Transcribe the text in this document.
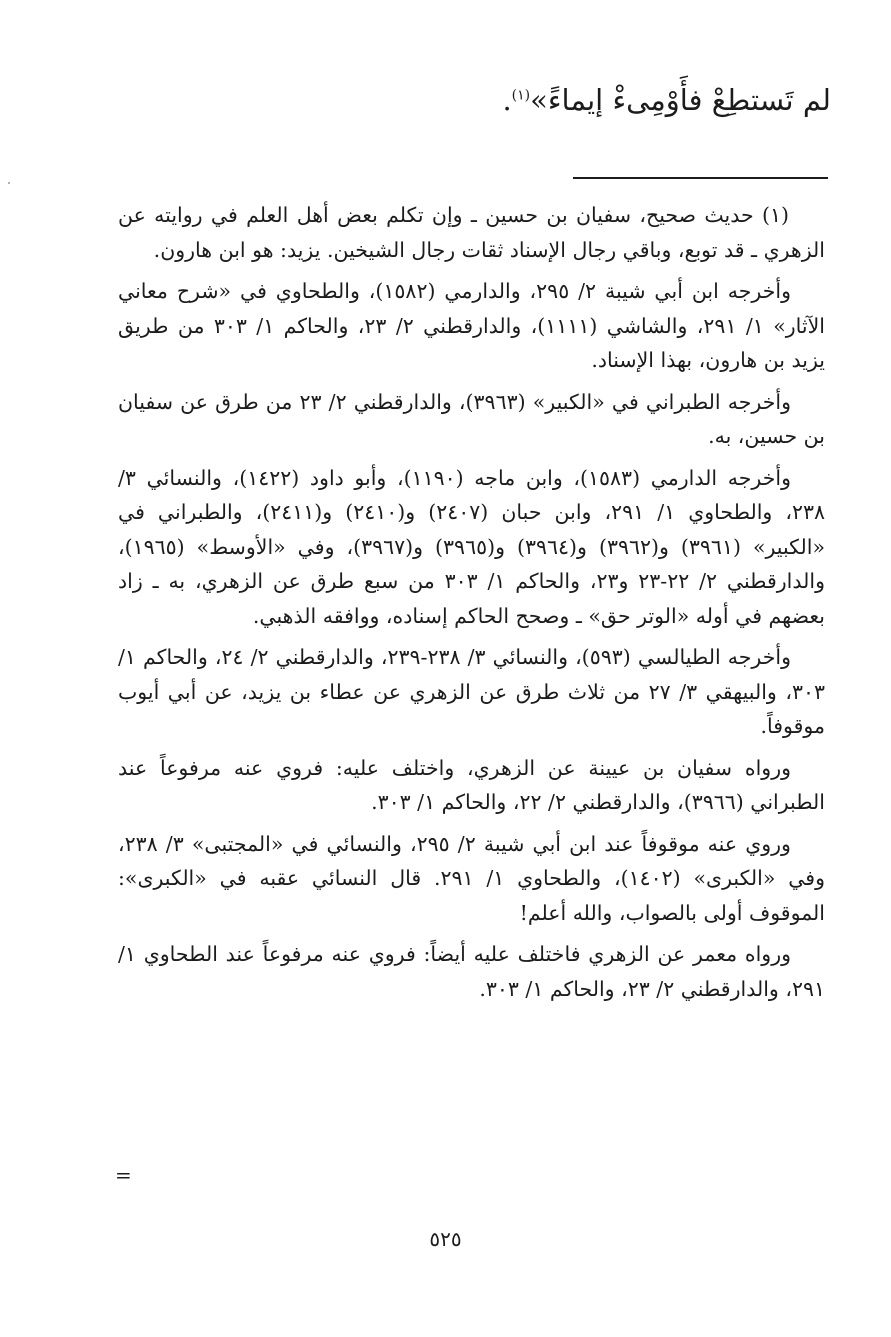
لم تَستطِعْ فأَوْمِىءْ إيماءً»$^{(١)}$.

(١) حديث صحيح، سفيان بن حسين ـ وإن تكلم بعض أهل العلم في روايته عن الزهري ـ قد توبع، وباقي رجال الإسناد ثقات رجال الشيخين. يزيد: هو ابن هارون.

وأخرجه ابن أبي شيبة ٢/ ٢٩٥، والدارمي (١٥٨٢)، والطحاوي في «شرح معاني الآثار» ١/ ٢٩١، والشاشي (١١١١)، والدارقطني ٢/ ٢٣، والحاكم ١/ ٣٠٣ من طريق يزيد بن هارون، بهذا الإسناد.

وأخرجه الطبراني في «الكبير» (٣٩٦٣)، والدارقطني ٢/ ٢٣ من طرق عن سفيان بن حسين، به.

وأخرجه الدارمي (١٥٨٣)، وابن ماجه (١١٩٠)، وأبو داود (١٤٢٢)، والنسائي ٣/ ٢٣٨، والطحاوي ١/ ٢٩١، وابن حبان (٢٤٠٧) و(٢٤١٠) و(٢٤١١)، والطبراني في «الكبير» (٣٩٦١) و(٣٩٦٢) و(٣٩٦٤) و(٣٩٦٥) و(٣٩٦٧)، وفي «الأوسط» (١٩٦٥)، والدارقطني ٢/ ٢٢-٢٣ و٢٣، والحاكم ١/ ٣٠٣ من سبع طرق عن الزهري، به ـ زاد بعضهم في أوله «الوتر حق» ـ وصحح الحاكم إسناده، ووافقه الذهبي.

وأخرجه الطيالسي (٥٩٣)، والنسائي ٣/ ٢٣٨-٢٣٩، والدارقطني ٢/ ٢٤، والحاكم ١/ ٣٠٣، والبيهقي ٣/ ٢٧ من ثلاث طرق عن الزهري عن عطاء بن يزيد، عن أبي أيوب موقوفاً.

ورواه سفيان بن عيينة عن الزهري، واختلف عليه: فروي عنه مرفوعاً عند الطبراني (٣٩٦٦)، والدارقطني ٢/ ٢٢، والحاكم ١/ ٣٠٣.

وروي عنه موقوفاً عند ابن أبي شيبة ٢/ ٢٩٥، والنسائي في «المجتبى» ٣/ ٢٣٨، وفي «الكبرى» (١٤٠٢)، والطحاوي ١/ ٢٩١. قال النسائي عقبه في «الكبرى»: الموقوف أولى بالصواب، والله أعلم!

ورواه معمر عن الزهري فاختلف عليه أيضاً: فروي عنه مرفوعاً عند الطحاوي ١/ ٢٩١، والدارقطني ٢/ ٢٣، والحاكم ١/ ٣٠٣.

=
٥٢٥
